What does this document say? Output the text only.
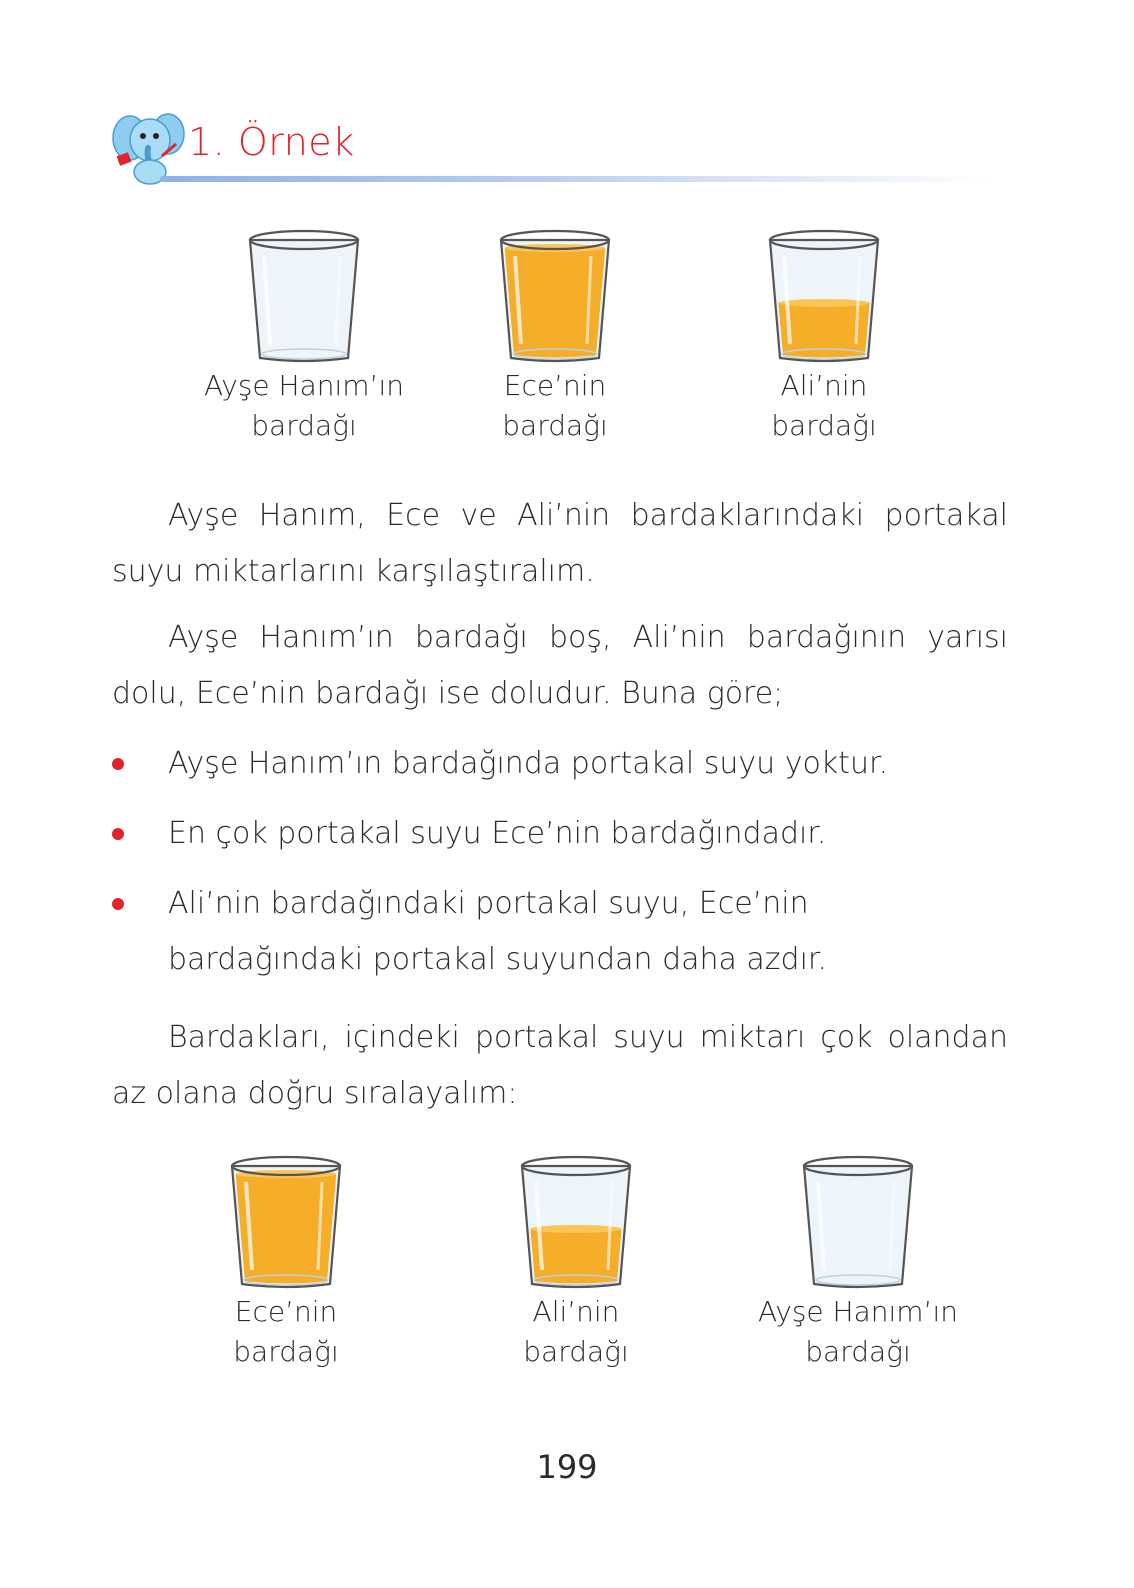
1. Örnek
Ayşe Hanım’ın
bardağı
Ece’nin
bardağı
Ali’nin
bardağı

Ayşe Hanım, Ece ve Ali’nin bardaklarındaki portakal suyu miktarlarını karşılaştıralım.

Ayşe Hanım’ın bardağı boş, Ali’nin bardağının yarısı dolu, Ece’nin bardağı ise doludur. Buna göre;

Ayşe Hanım’ın bardağında portakal suyu yoktur.
En çok portakal suyu Ece’nin bardağındadır.
Ali’nin bardağındaki portakal suyu, Ece’nin bardağındaki portakal suyundan daha azdır.

Bardakları, içindeki portakal suyu miktarı çok olandan az olana doğru sıralayalım:

Ece’nin
bardağı
Ali’nin
bardağı
Ayşe Hanım’ın
bardağı
199
